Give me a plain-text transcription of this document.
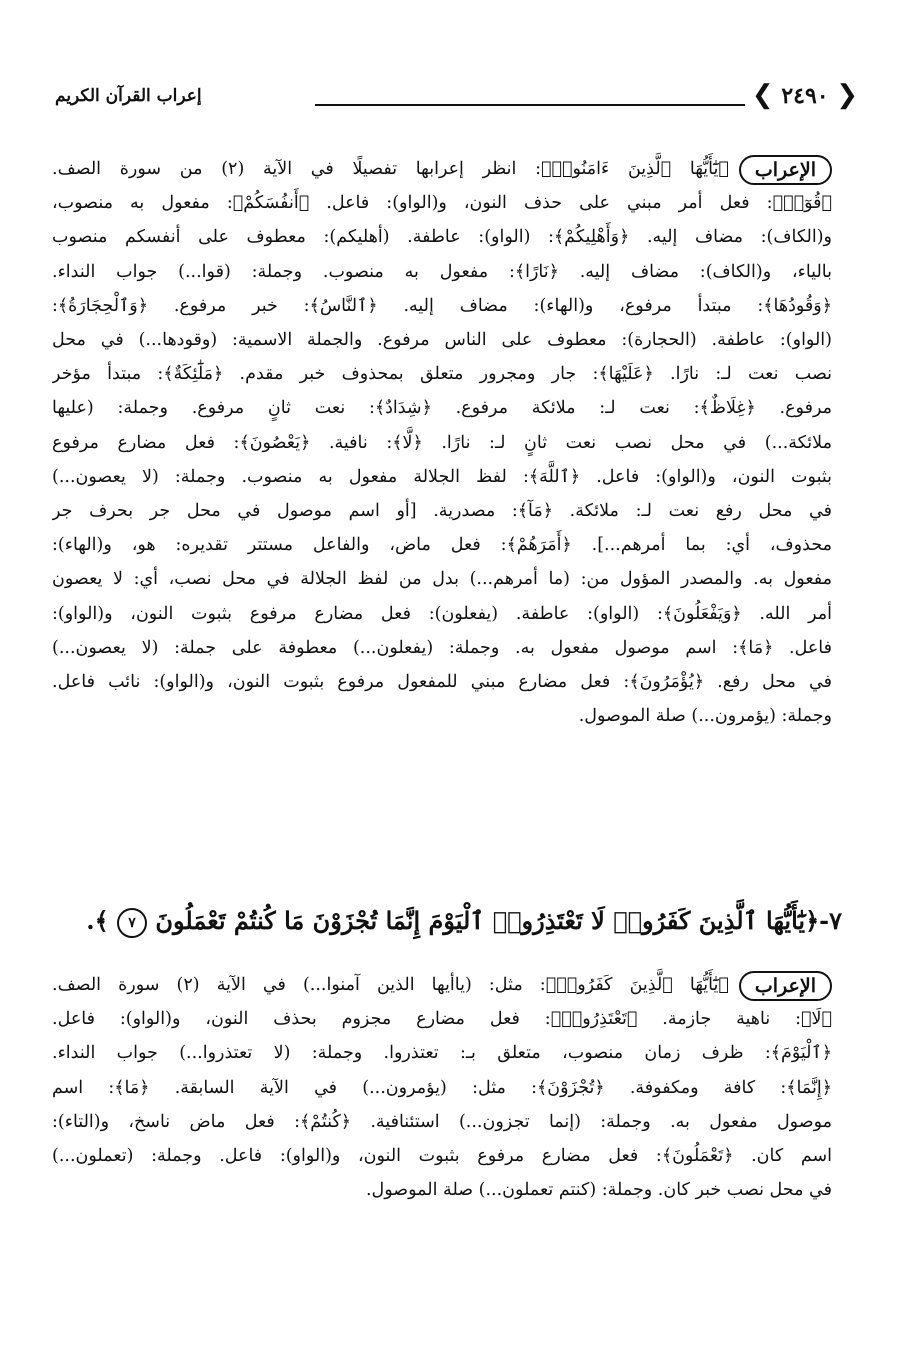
إعراب القرآن الكريم	❮ ٢٤٩٠ ❯
الإعراب﴿يَٰٓأَيُّهَا ٱلَّذِينَ ءَامَنُوا۟﴾: انظر إعرابها تفصيلًا في الآية (٢) من سورة الصف.
﴿قُوٓا۟﴾: فعل أمر مبني على حذف النون، و(الواو): فاعل. ﴿أَنفُسَكُمْ﴾: مفعول به منصوب،
و(الكاف): مضاف إليه. ﴿وَأَهْلِيكُمْ﴾: (الواو): عاطفة. (أهليكم): معطوف على أنفسكم منصوب
بالياء، و(الكاف): مضاف إليه. ﴿نَارًا﴾: مفعول به منصوب. وجملة: (قوا...) جواب النداء.
﴿وَقُودُهَا﴾: مبتدأ مرفوع، و(الهاء): مضاف إليه. ﴿ٱلنَّاسُ﴾: خبر مرفوع. ﴿وَٱلْحِجَارَةُ﴾:
(الواو): عاطفة. (الحجارة): معطوف على الناس مرفوع. والجملة الاسمية: (وقودها...) في محل
نصب نعت لـ: نارًا. ﴿عَلَيْهَا﴾: جار ومجرور متعلق بمحذوف خبر مقدم. ﴿مَلَٰٓئِكَةٌ﴾: مبتدأ مؤخر
مرفوع. ﴿غِلَاظٌ﴾: نعت لـ: ملائكة مرفوع. ﴿شِدَادٌ﴾: نعت ثانٍ مرفوع. وجملة: (عليها
ملائكة...) في محل نصب نعت ثانٍ لـ: نارًا. ﴿لَّا﴾: نافية. ﴿يَعْصُونَ﴾: فعل مضارع مرفوع
بثبوت النون، و(الواو): فاعل. ﴿ٱللَّهَ﴾: لفظ الجلالة مفعول به منصوب. وجملة: (لا يعصون...)
في محل رفع نعت لـ: ملائكة. ﴿مَآ﴾: مصدرية. [أو اسم موصول في محل جر بحرف جر
محذوف، أي: بما أمرهم...]. ﴿أَمَرَهُمْ﴾: فعل ماض، والفاعل مستتر تقديره: هو، و(الهاء):
مفعول به. والمصدر المؤول من: (ما أمرهم...) بدل من لفظ الجلالة في محل نصب، أي: لا يعصون
أمر الله. ﴿وَيَفْعَلُونَ﴾: (الواو): عاطفة. (يفعلون): فعل مضارع مرفوع بثبوت النون، و(الواو):
فاعل. ﴿مَا﴾: اسم موصول مفعول به. وجملة: (يفعلون...) معطوفة على جملة: (لا يعصون...)
في محل رفع. ﴿يُؤْمَرُونَ﴾: فعل مضارع مبني للمفعول مرفوع بثبوت النون، و(الواو): نائب فاعل.
وجملة: (يؤمرون...) صلة الموصول.
٧-﴿يَٰٓأَيُّهَا ٱلَّذِينَ كَفَرُوا۟ لَا تَعْتَذِرُوا۟ ٱلْيَوْمَ إِنَّمَا تُجْزَوْنَ مَا كُنتُمْ تَعْمَلُونَ ٧ ﴾.
الإعراب﴿يَٰٓأَيُّهَا ٱلَّذِينَ كَفَرُوا۟﴾: مثل: (ياأيها الذين آمنوا...) في الآية (٢) سورة الصف.
﴿لَا﴾: ناهية جازمة. ﴿تَعْتَذِرُوا۟﴾: فعل مضارع مجزوم بحذف النون، و(الواو): فاعل.
﴿ٱلْيَوْمَ﴾: ظرف زمان منصوب، متعلق بـ: تعتذروا. وجملة: (لا تعتذروا...) جواب النداء.
﴿إِنَّمَا﴾: كافة ومكفوفة. ﴿تُجْزَوْنَ﴾: مثل: (يؤمرون...) في الآية السابقة. ﴿مَا﴾: اسم
موصول مفعول به. وجملة: (إنما تجزون...) استئنافية. ﴿كُنتُمْ﴾: فعل ماض ناسخ، و(التاء):
اسم كان. ﴿تَعْمَلُونَ﴾: فعل مضارع مرفوع بثبوت النون، و(الواو): فاعل. وجملة: (تعملون...)
في محل نصب خبر كان. وجملة: (كنتم تعملون...) صلة الموصول.
